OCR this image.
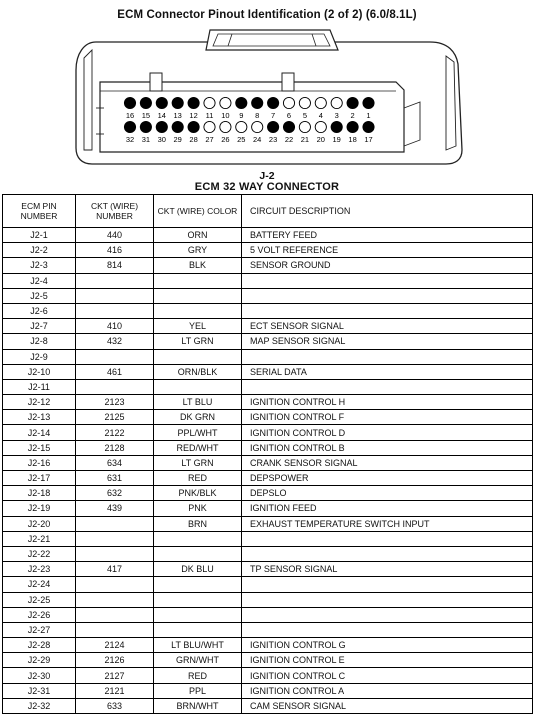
ECM Connector Pinout Identification (2 of 2) (6.0/8.1L)
16 15 14 13 12 11 10 9 8 7 6 5 4 3 2 1
32 31 30 29 28 27 26 25 24 23 22 21 20 19 18 17
J-2
ECM 32 WAY CONNECTOR
ECM PIN NUMBER	CKT (WIRE) NUMBER	CKT (WIRE) COLOR	CIRCUIT DESCRIPTION
J2-1	440	ORN	BATTERY FEED
J2-2	416	GRY	5 VOLT REFERENCE
J2-3	814	BLK	SENSOR GROUND
J2-4			
J2-5			
J2-6			
J2-7	410	YEL	ECT SENSOR SIGNAL
J2-8	432	LT GRN	MAP SENSOR SIGNAL
J2-9			
J2-10	461	ORN/BLK	SERIAL DATA
J2-11			
J2-12	2123	LT BLU	IGNITION CONTROL H
J2-13	2125	DK GRN	IGNITION CONTROL F
J2-14	2122	PPL/WHT	IGNITION CONTROL D
J2-15	2128	RED/WHT	IGNITION CONTROL B
J2-16	634	LT GRN	CRANK SENSOR SIGNAL
J2-17	631	RED	DEPSPOWER
J2-18	632	PNK/BLK	DEPSLO
J2-19	439	PNK	IGNITION FEED
J2-20		BRN	EXHAUST TEMPERATURE SWITCH INPUT
J2-21			
J2-22			
J2-23	417	DK BLU	TP SENSOR SIGNAL
J2-24			
J2-25			
J2-26			
J2-27			
J2-28	2124	LT BLU/WHT	IGNITION CONTROL G
J2-29	2126	GRN/WHT	IGNITION CONTROL E
J2-30	2127	RED	IGNITION CONTROL C
J2-31	2121	PPL	IGNITION CONTROL A
J2-32	633	BRN/WHT	CAM SENSOR SIGNAL
